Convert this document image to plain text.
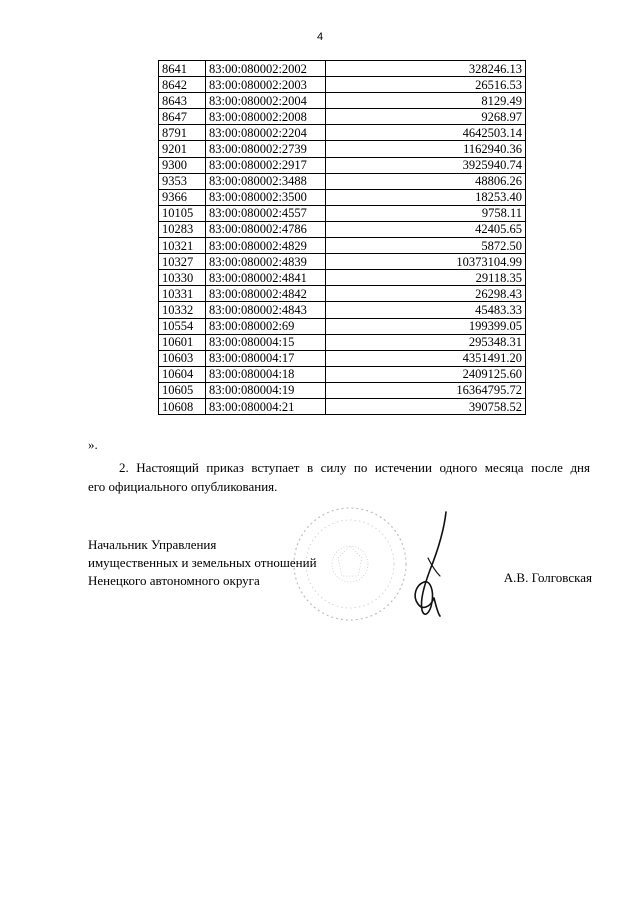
4
8641	83:00:080002:2002	328246.13
8642	83:00:080002:2003	26516.53
8643	83:00:080002:2004	8129.49
8647	83:00:080002:2008	9268.97
8791	83:00:080002:2204	4642503.14
9201	83:00:080002:2739	1162940.36
9300	83:00:080002:2917	3925940.74
9353	83:00:080002:3488	48806.26
9366	83:00:080002:3500	18253.40
10105	83:00:080002:4557	9758.11
10283	83:00:080002:4786	42405.65
10321	83:00:080002:4829	5872.50
10327	83:00:080002:4839	10373104.99
10330	83:00:080002:4841	29118.35
10331	83:00:080002:4842	26298.43
10332	83:00:080002:4843	45483.33
10554	83:00:080002:69	199399.05
10601	83:00:080004:15	295348.31
10603	83:00:080004:17	4351491.20
10604	83:00:080004:18	2409125.60
10605	83:00:080004:19	16364795.72
10608	83:00:080004:21	390758.52
».
2. Настоящий приказ вступает в силу по истечении одного месяца после дня
его официального опубликования.
Начальник Управления
имущественных и земельных отношений
Ненецкого автономного округа	А.В. Голговская
